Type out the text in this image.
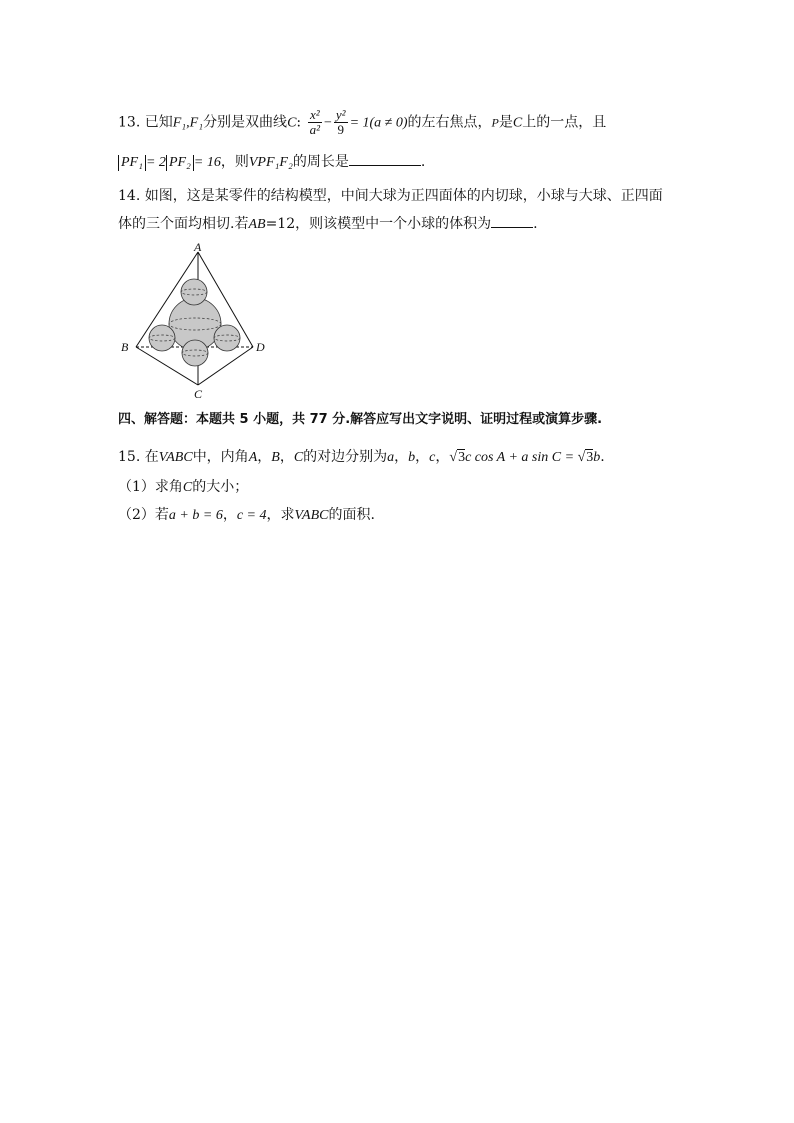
13. 已知F₁,F₁分别是双曲线C: $\frac{\text{x²}}{\text{a²}} - \frac{\text{y²}}{9} = 1(a \ne 0)$的左右焦点，P是C上的一点，且
PF₁ = 2 PF₂ = 16，则VPF₁F₂的周长是	.
14. 如图，这是某零件的结构模型，中间大球为正四面体的内切球，小球与大球、正四面
体的三个面均相切.若AB=12，则该模型中一个小球的体积为	.
A
B
C
D
四、解答题：本题共 5 小题，共 77 分.解答应写出文字说明、证明过程或演算步骤.
15. 在VABC中，内角A，B，C的对边分别为a，b，c，√3c cos A + a sin C = √3b.
（1）求角C的大小；
（2）若a + b = 6，c = 4，求VABC的面积.
